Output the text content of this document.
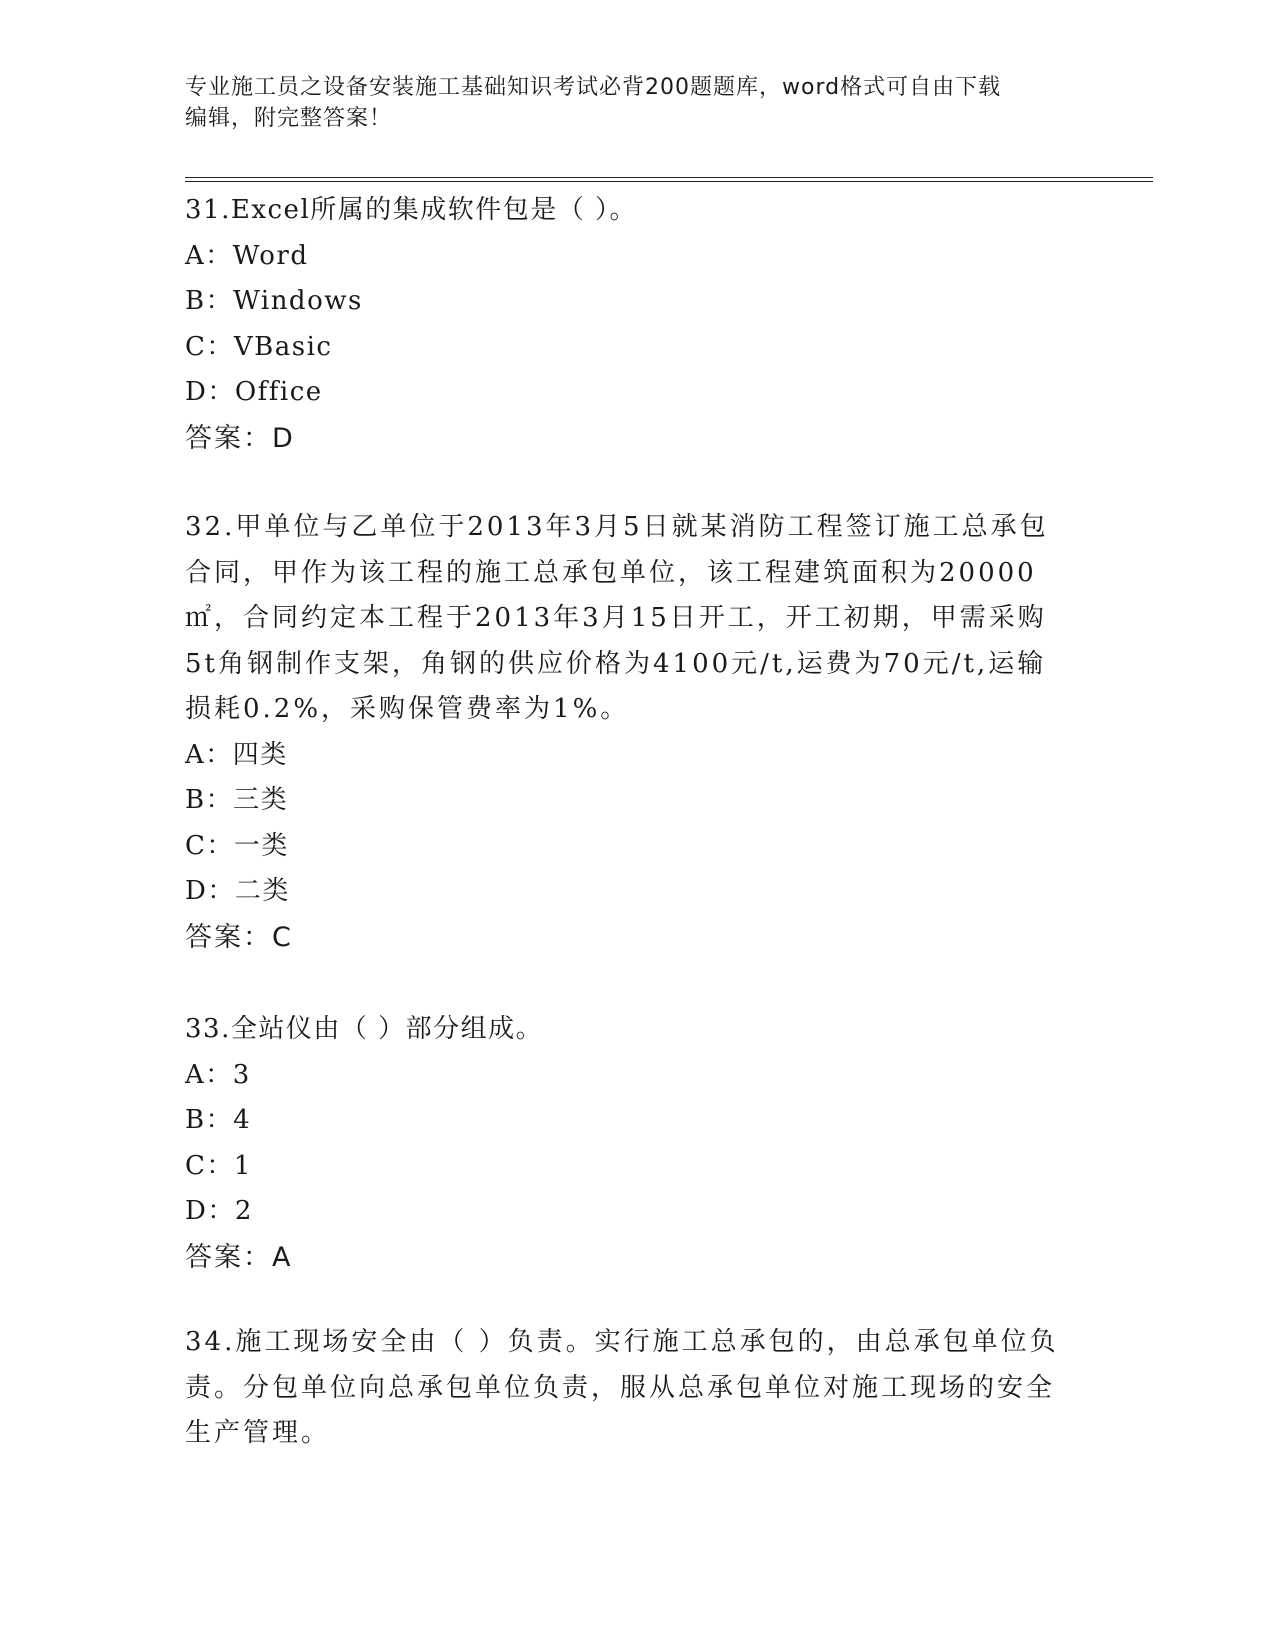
专业施工员之设备安装施工基础知识考试必背200题题库，word格式可自由下载
编辑，附完整答案！
31.Excel所属的集成软件包是（ ）。
A：Word
B：Windows
C：VBasic
D：Office
答案：D
32.甲单位与乙单位于2013年3月5日就某消防工程签订施工总承包合同，甲作为该工程的施工总承包单位，该工程建筑面积为20000㎡，合同约定本工程于2013年3月15日开工，开工初期，甲需采购5t角钢制作支架，角钢的供应价格为4100元/t,运费为70元/t,运输损耗0.2%，采购保管费率为1%。
A：四类
B：三类
C：一类
D：二类
答案：C
33.全站仪由（ ）部分组成。
A：3
B：4
C：1
D：2
答案：A
34.施工现场安全由（ ）负责。实行施工总承包的，由总承包单位负责。分包单位向总承包单位负责，服从总承包单位对施工现场的安全生产管理。
